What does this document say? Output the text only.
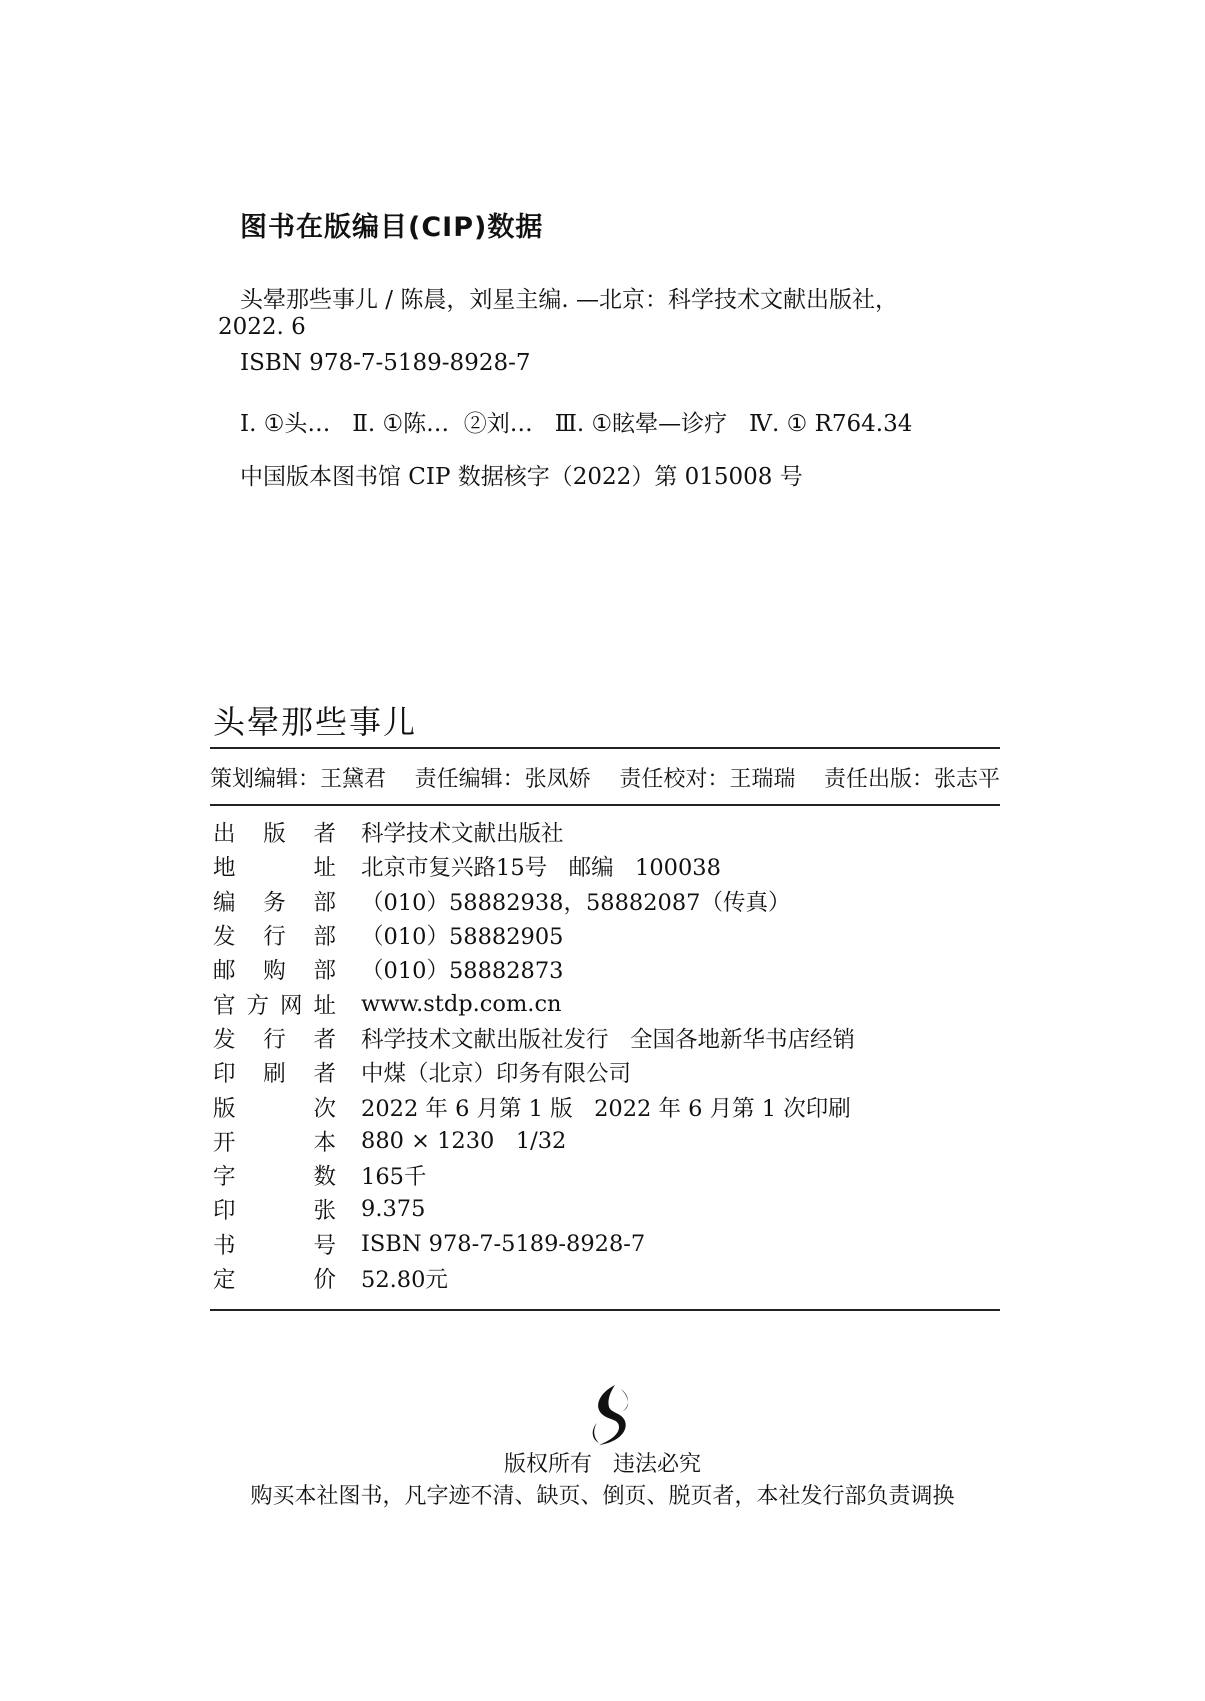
图书在版编目(CIP)数据
头晕那些事儿 / 陈晨，刘星主编. —北京：科学技术文献出版社，
2022. 6
ISBN 978-7-5189-8928-7
Ⅰ. ①头…   Ⅱ. ①陈…  ②刘…   Ⅲ. ①眩晕—诊疗   Ⅳ. ① R764.34
中国版本图书馆 CIP 数据核字（2022）第 015008 号
头晕那些事儿
策划编辑：王黛君 责任编辑：张凤娇 责任校对：王瑞瑞 责任出版：张志平
出 版 者 科学技术文献出版社
地	址 北京市复兴路15号   邮编   100038
编 务 部 （010）58882938，58882087（传真）
发 行 部 （010）58882905
邮 购 部 （010）58882873
官 方 网 址 www.stdp.com.cn
发 行 者 科学技术文献出版社发行   全国各地新华书店经销
印 刷 者 中煤（北京）印务有限公司
版	次 2022 年 6 月第 1 版   2022 年 6 月第 1 次印刷
开	本 880 × 1230   1/32
字	数 165千
印	张 9.375
书	号 ISBN 978-7-5189-8928-7
定	价 52.80元
版权所有   违法必究
购买本社图书，凡字迹不清、缺页、倒页、脱页者，本社发行部负责调换
